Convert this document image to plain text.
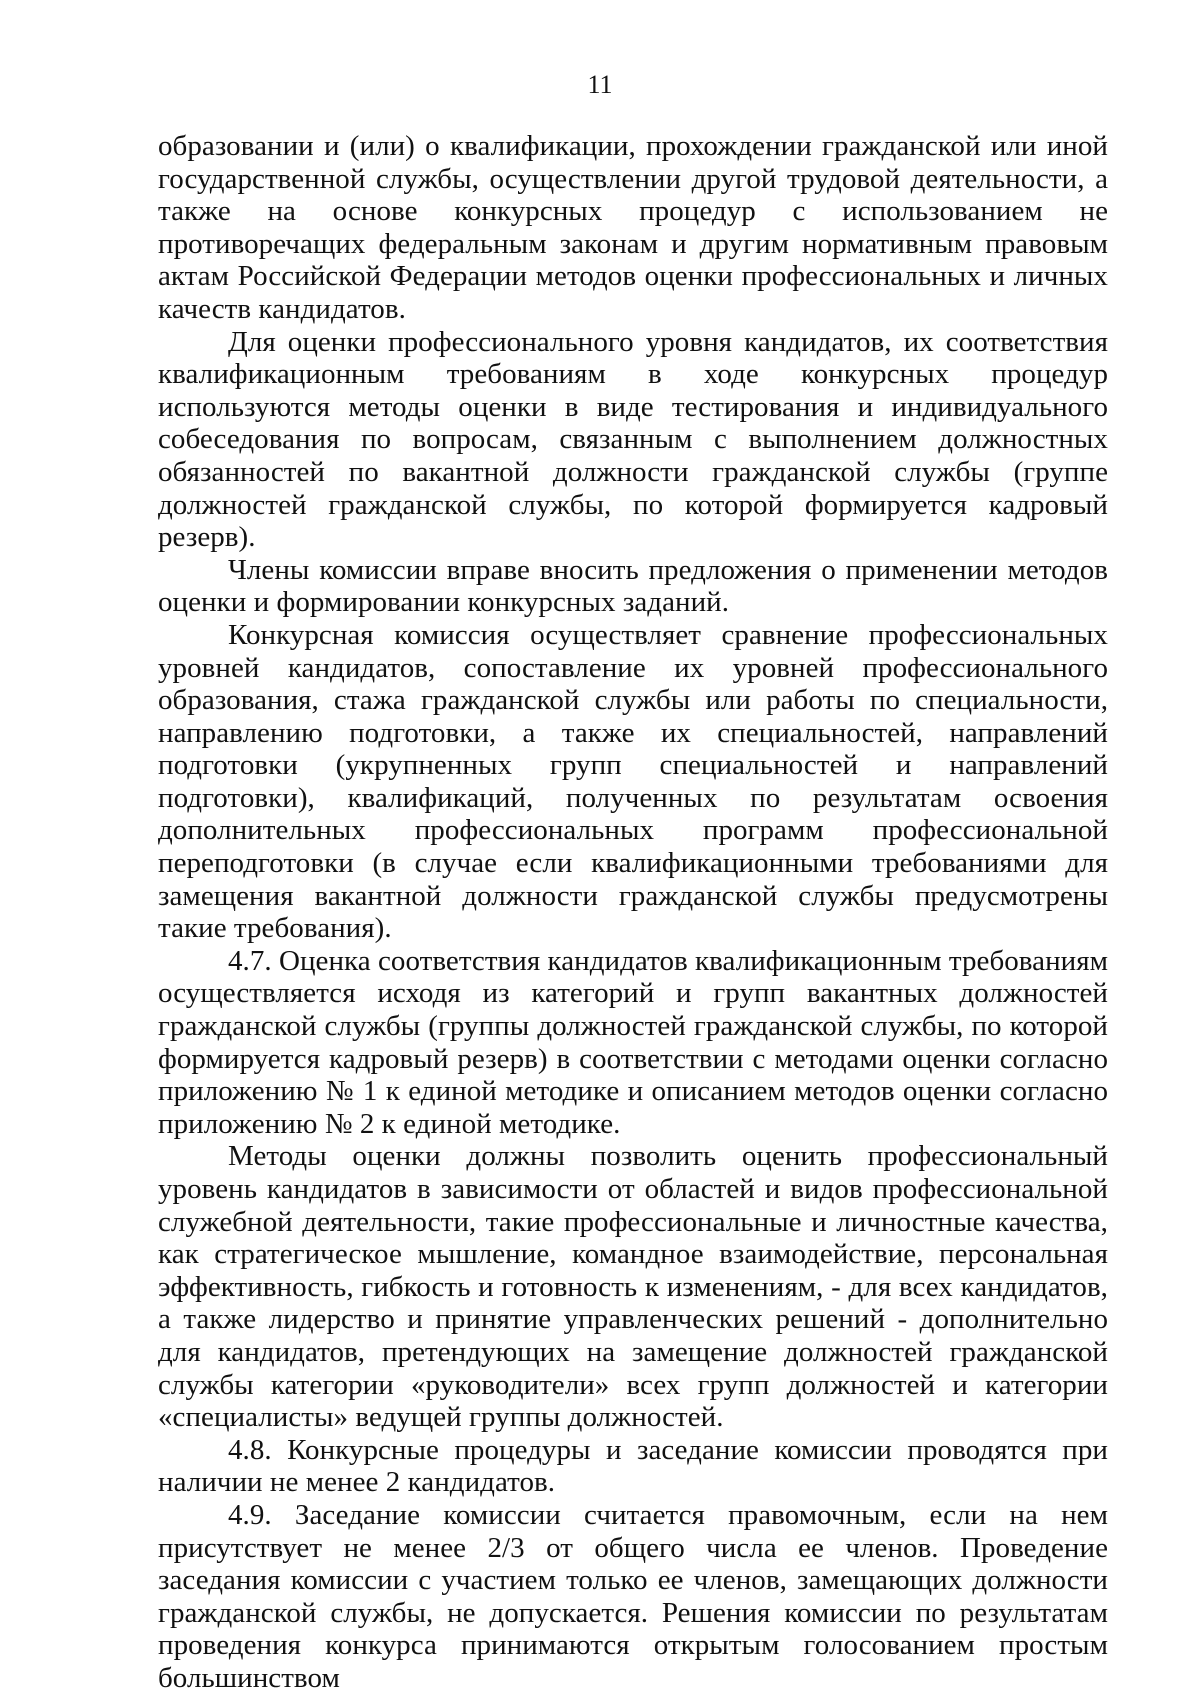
11

образовании и (или) о квалификации, прохождении гражданской или иной государственной службы, осуществлении другой трудовой деятельности, а также на основе конкурсных процедур с использованием не противоречащих федеральным законам и другим нормативным правовым актам Российской Федерации методов оценки профессиональных и личных качеств кандидатов.

Для оценки профессионального уровня кандидатов, их соответствия квалификационным требованиям в ходе конкурсных процедур используются методы оценки в виде тестирования и индивидуального собеседования по вопросам, связанным с выполнением должностных обязанностей по вакантной должности гражданской службы (группе должностей гражданской службы, по которой формируется кадровый резерв).

Члены комиссии вправе вносить предложения о применении методов оценки и формировании конкурсных заданий.

Конкурсная комиссия осуществляет сравнение профессиональных уровней кандидатов, сопоставление их уровней профессионального образования, стажа гражданской службы или работы по специальности, направлению подготовки, а также их специальностей, направлений подготовки (укрупненных групп специальностей и направлений подготовки), квалификаций, полученных по результатам освоения дополнительных профессиональных программ профессиональной переподготовки (в случае если квалификационными требованиями для замещения вакантной должности гражданской службы предусмотрены такие требования).

4.7. Оценка соответствия кандидатов квалификационным требованиям осуществляется исходя из категорий и групп вакантных должностей гражданской службы (группы должностей гражданской службы, по которой формируется кадровый резерв) в соответствии с методами оценки согласно приложению № 1 к единой методике и описанием методов оценки согласно приложению № 2 к единой методике.

Методы оценки должны позволить оценить профессиональный уровень кандидатов в зависимости от областей и видов профессиональной служебной деятельности, такие профессиональные и личностные качества, как стратегическое мышление, командное взаимодействие, персональная эффективность, гибкость и готовность к изменениям, - для всех кандидатов, а также лидерство и принятие управленческих решений - дополнительно для кандидатов, претендующих на замещение должностей гражданской службы категории «руководители» всех групп должностей и категории «специалисты» ведущей группы должностей.

4.8. Конкурсные процедуры и заседание комиссии проводятся при наличии не менее 2 кандидатов.

4.9. Заседание комиссии считается правомочным, если на нем присутствует не менее 2/3 от общего числа ее членов. Проведение заседания комиссии с участием только ее членов, замещающих должности гражданской службы, не допускается. Решения комиссии по результатам проведения конкурса принимаются открытым голосованием простым большинством
